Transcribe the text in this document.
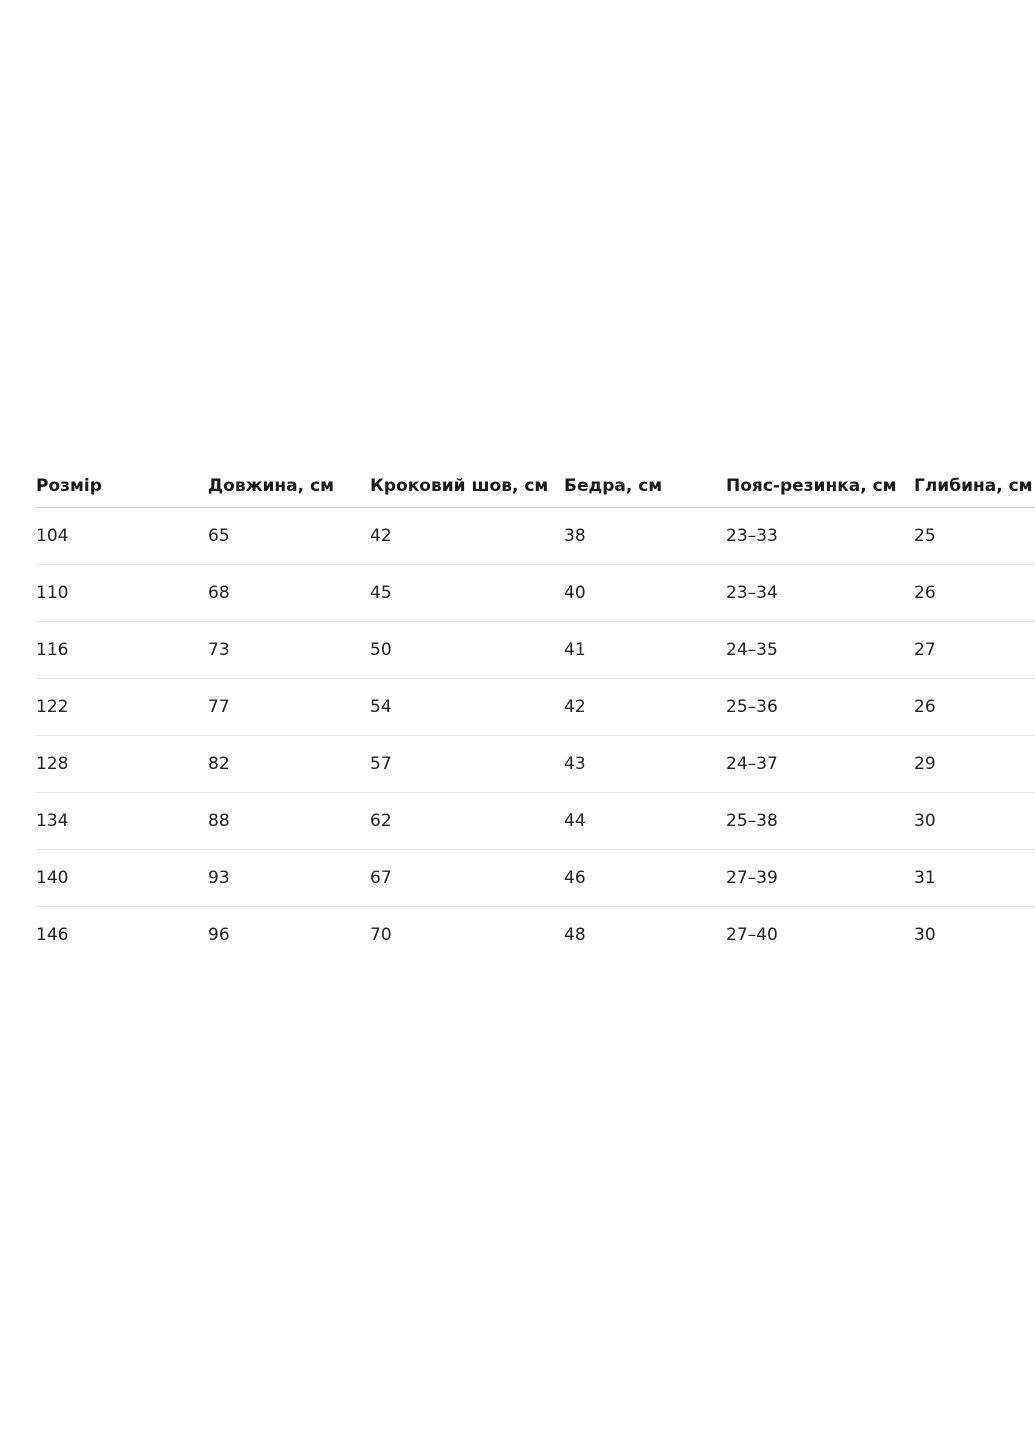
Розмір	Довжина, см	Кроковий шов, см	Бедра, см	Пояс-резинка, см	Глибина, см
104	65	42	38	23–33	25
110	68	45	40	23–34	26
116	73	50	41	24–35	27
122	77	54	42	25–36	26
128	82	57	43	24–37	29
134	88	62	44	25–38	30
140	93	67	46	27–39	31
146	96	70	48	27–40	30
